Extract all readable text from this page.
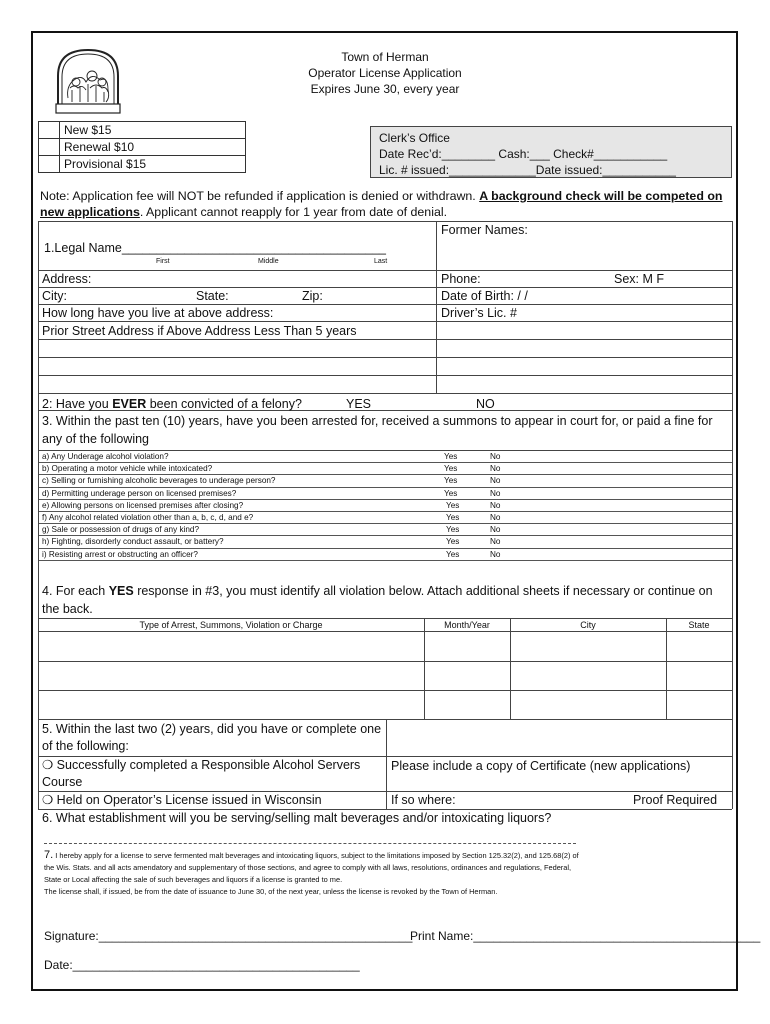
Town of Herman
Operator License Application
Expires June 30, every year
	New $15
	Renewal $10
	Provisional $15
Clerk’s Office
Date Rec’d:________ Cash:___ Check#___________
Lic. # issued:_____________Date issued:___________
Note: Application fee will NOT be refunded if application is denied or withdrawn. A background check will be competed on new applications. Applicant cannot reapply for 1 year from date of denial.
1.Legal Name______________________________________
First	Middle	Last
Former Names:
Address:	Phone:	Sex: M F
City:	State:	Zip:	Date of Birth: / /
How long have you live at above address:	Driver’s Lic. #
Prior Street Address if Above Address Less Than 5 years
2: Have you EVER been convicted of a felony?	YES	NO
3. Within the past ten (10) years, have you been arrested for, received a summons to appear in court for, or paid a fine for any of the following
a) Any Underage alcohol violation?	Yes	No
b) Operating a motor vehicle while intoxicated?	Yes	No
c) Selling or furnishing alcoholic beverages to underage person?	Yes	No
d) Permitting underage person on licensed premises?	Yes	No
e) Allowing persons on licensed premises after closing?	Yes	No
f) Any alcohol related violation other than a, b, c, d, and e?	Yes	No
g) Sale or possession of drugs of any kind?	Yes	No
h) Fighting, disorderly conduct assault, or battery?	Yes	No
i) Resisting arrest or obstructing an officer?	Yes	No
4. For each YES response in #3, you must identify all violation below. Attach additional sheets if necessary or continue on the back.
Type of Arrest, Summons, Violation or Charge	Month/Year	City	State
5. Within the last two (2) years, did you have or complete one of the following:
❍ Successfully completed a Responsible Alcohol Servers Course
Please include a copy of Certificate (new applications)
❍ Held on Operator’s License issued in Wisconsin	If so where:	Proof Required
6. What establishment will you be serving/selling malt beverages and/or intoxicating liquors?
7. I hereby apply for a license to serve fermented malt beverages and intoxicating liquors, subject to the limitations imposed by Section 125.32(2), and 125.68(2) of
the Wis. Stats. and all acts amendatory and supplementary of those sections, and agree to comply with all laws, resolutions, ordinances and regulations, Federal,
State or Local affecting the sale of such beverages and liquors if a license is granted to me.
The license shall, if issued, be from the date of issuance to June 30, of the next year, unless the license is revoked by the Town of Herman.
Signature:_______________________________________________
Print Name:___________________________________________
Date:___________________________________________
